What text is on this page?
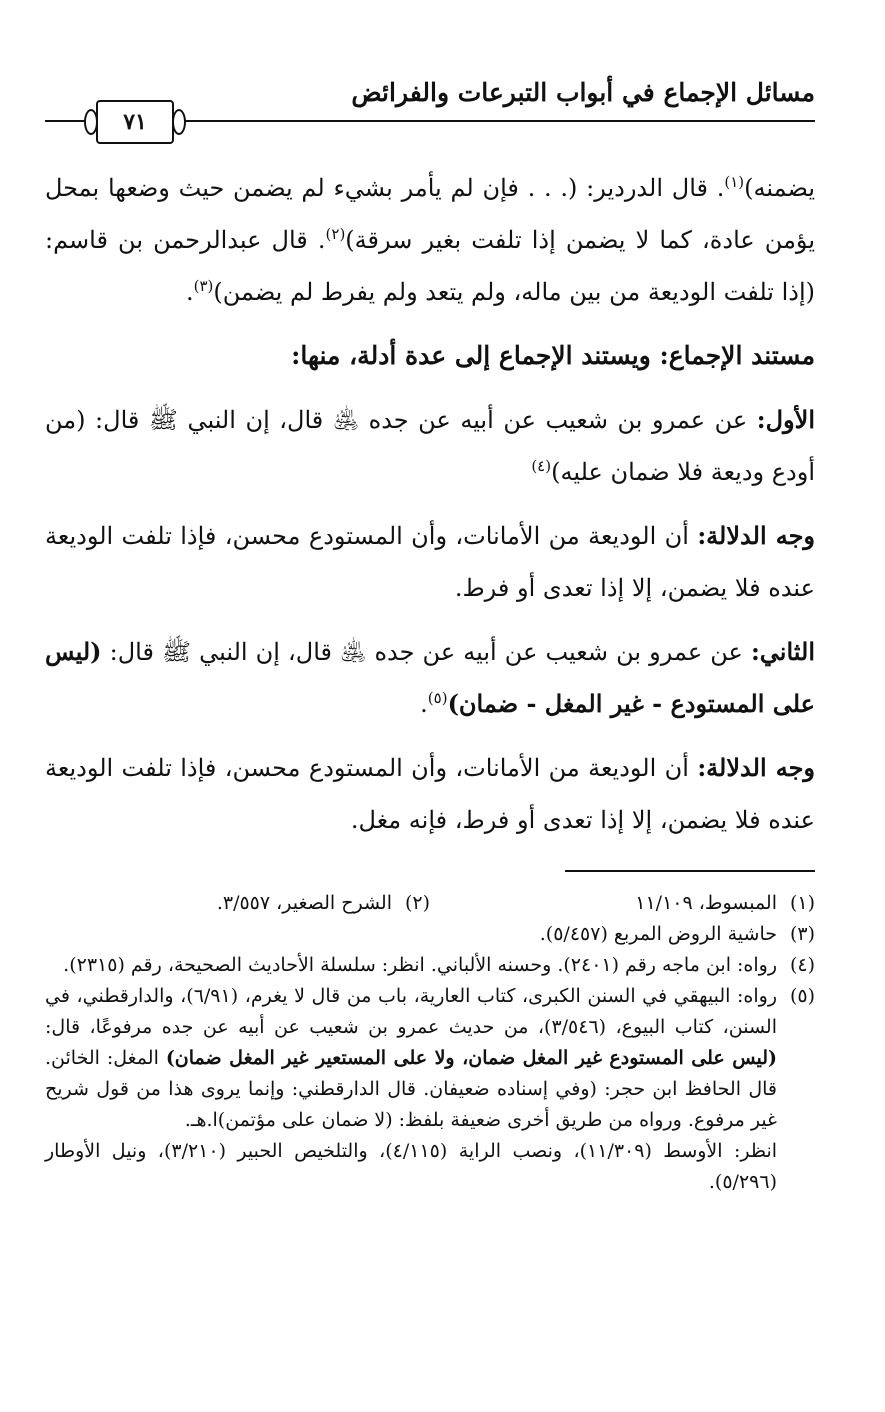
مسائل الإجماع في أبواب التبرعات والفرائض
٧١

يضمنه)$^{(١)}$. قال الدردير: (. . . فإن لم يأمر بشيء لم يضمن حيث وضعها بمحل يؤمن عادة، كما لا يضمن إذا تلفت بغير سرقة)$^{(٢)}$. قال عبدالرحمن بن قاسم: (إذا تلفت الوديعة من بين ماله، ولم يتعد ولم يفرط لم يضمن)$^{(٣)}$.

مستند الإجماع: ويستند الإجماع إلى عدة أدلة، منها:

الأول: عن عمرو بن شعيب عن أبيه عن جده ﵁ قال، إن النبي ﷺ قال: (من أودع وديعة فلا ضمان عليه)$^{(٤)}$

وجه الدلالة: أن الوديعة من الأمانات، وأن المستودع محسن، فإذا تلفت الوديعة عنده فلا يضمن، إلا إذا تعدى أو فرط.

الثاني: عن عمرو بن شعيب عن أبيه عن جده ﵁ قال، إن النبي ﷺ قال: (ليس على المستودع - غير المغل - ضمان)$^{(٥)}$.

وجه الدلالة: أن الوديعة من الأمانات، وأن المستودع محسن، فإذا تلفت الوديعة عنده فلا يضمن، إلا إذا تعدى أو فرط، فإنه مغل.

(١)
المبسوط، ١١/١٠٩
(٢)
الشرح الصغير، ٣/٥٥٧.
(٣)
حاشية الروض المربع (٥/٤٥٧).
(٤)
رواه: ابن ماجه رقم (٢٤٠١). وحسنه الألباني. انظر: سلسلة الأحاديث الصحيحة، رقم (٢٣١٥).
(٥)
رواه: البيهقي في السنن الكبرى، كتاب العارية، باب من قال لا يغرم، (٦/٩١)، والدارقطني، في السنن، كتاب البيوع، (٣/٥٤٦)، من حديث عمرو بن شعيب عن أبيه عن جده مرفوعًا، قال: (ليس على المستودع غير المغل ضمان، ولا على المستعير غير المغل ضمان) المغل: الخائن. قال الحافظ ابن حجر: (وفي إسناده ضعيفان. قال الدارقطني: وإنما يروى هذا من قول شريح غير مرفوع. ورواه من طريق أخرى ضعيفة بلفظ: (لا ضمان على مؤتمن)ا.هـ.
انظر: الأوسط (١١/٣٠٩)، ونصب الراية (٤/١١٥)، والتلخيص الحبير (٣/٢١٠)، ونيل الأوطار (٥/٢٩٦).
